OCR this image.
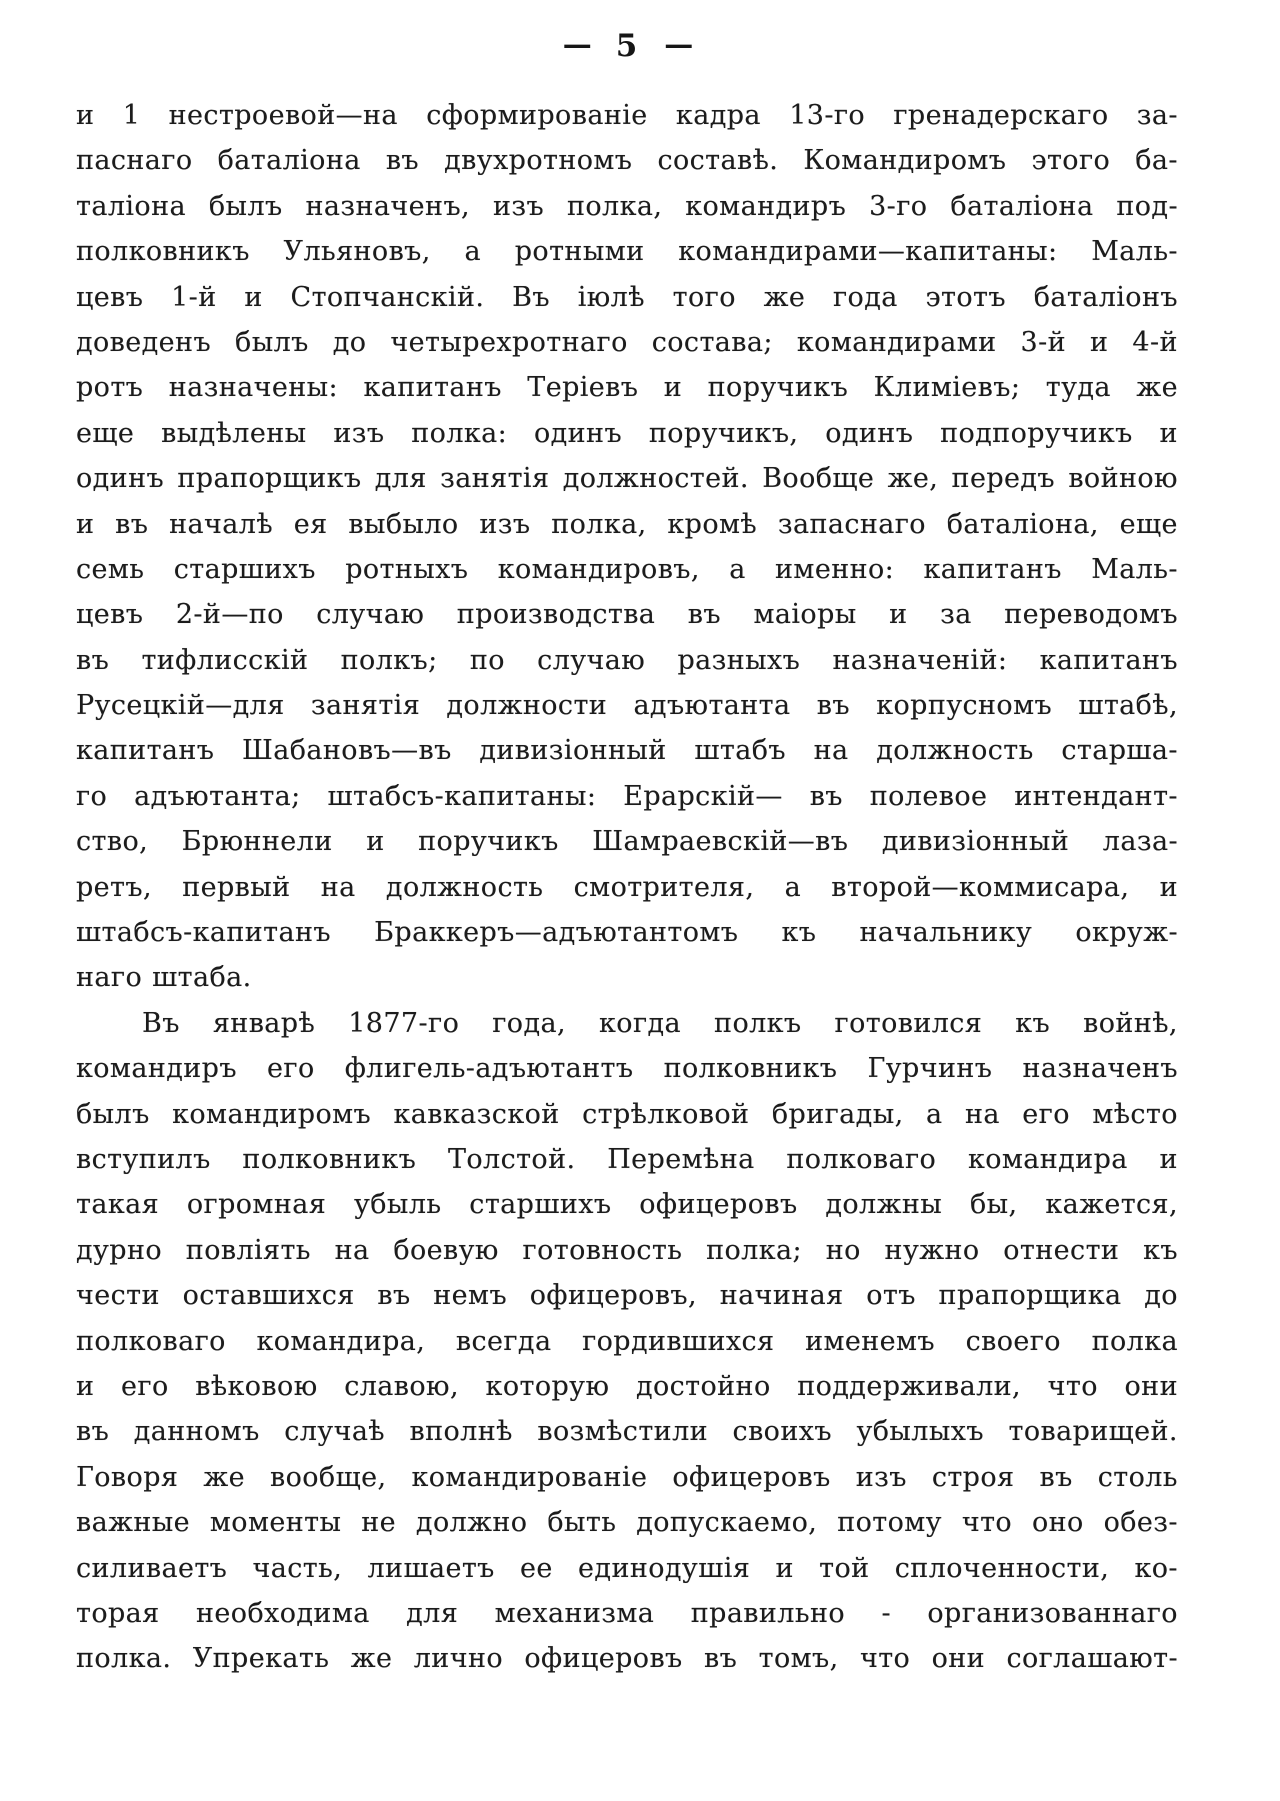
— 5 —
и 1 нестроевой—на сформированіе кадра 13-го гренадерскаго за-
паснаго баталіона въ двухротномъ составѣ. Командиромъ этого ба-
таліона былъ назначенъ, изъ полка, командиръ 3-го баталіона под-
полковникъ Ульяновъ, а ротными командирами—капитаны: Маль-
цевъ 1-й и Стопчанскій. Въ іюлѣ того же года этотъ баталіонъ
доведенъ былъ до четырехротнаго состава; командирами 3-й и 4-й
ротъ назначены: капитанъ Теріевъ и поручикъ Климіевъ; туда же
еще выдѣлены изъ полка: одинъ поручикъ, одинъ подпоручикъ и
одинъ прапорщикъ для занятія должностей. Вообще же, передъ войною
и въ началѣ ея выбыло изъ полка, кромѣ запаснаго баталіона, еще
семь старшихъ ротныхъ командировъ, а именно: капитанъ Маль-
цевъ 2-й—по случаю производства въ маіоры и за переводомъ
въ тифлисскій полкъ; по случаю разныхъ назначеній: капитанъ
Русецкій—для занятія должности адъютанта въ корпусномъ штабѣ,
капитанъ Шабановъ—въ дивизіонный штабъ на должность старша-
го адъютанта; штабсъ-капитаны: Ерарскій— въ полевое интендант-
ство, Брюннели и поручикъ Шамраевскій—въ дивизіонный лаза-
ретъ, первый на должность смотрителя, а второй—коммисара, и
штабсъ-капитанъ Браккеръ—адъютантомъ къ начальнику окруж-
наго штаба.
Въ январѣ 1877-го года, когда полкъ готовился къ войнѣ,
командиръ его флигель-адъютантъ полковникъ Гурчинъ назначенъ
былъ командиромъ кавказской стрѣлковой бригады, а на его мѣсто
вступилъ полковникъ Толстой. Перемѣна полковаго командира и
такая огромная убыль старшихъ офицеровъ должны бы, кажется,
дурно повліять на боевую готовность полка; но нужно отнести къ
чести оставшихся въ немъ офицеровъ, начиная отъ прапорщика до
полковаго командира, всегда гордившихся именемъ своего полка
и его вѣковою славою, которую достойно поддерживали, что они
въ данномъ случаѣ вполнѣ возмѣстили своихъ убылыхъ товарищей.
Говоря же вообще, командированіе офицеровъ изъ строя въ столь
важные моменты не должно быть допускаемо, потому что оно обез-
силиваетъ часть, лишаетъ ее единодушія и той сплоченности, ко-
торая необходима для механизма правильно - организованнаго
полка. Упрекать же лично офицеровъ въ томъ, что они соглашают-
